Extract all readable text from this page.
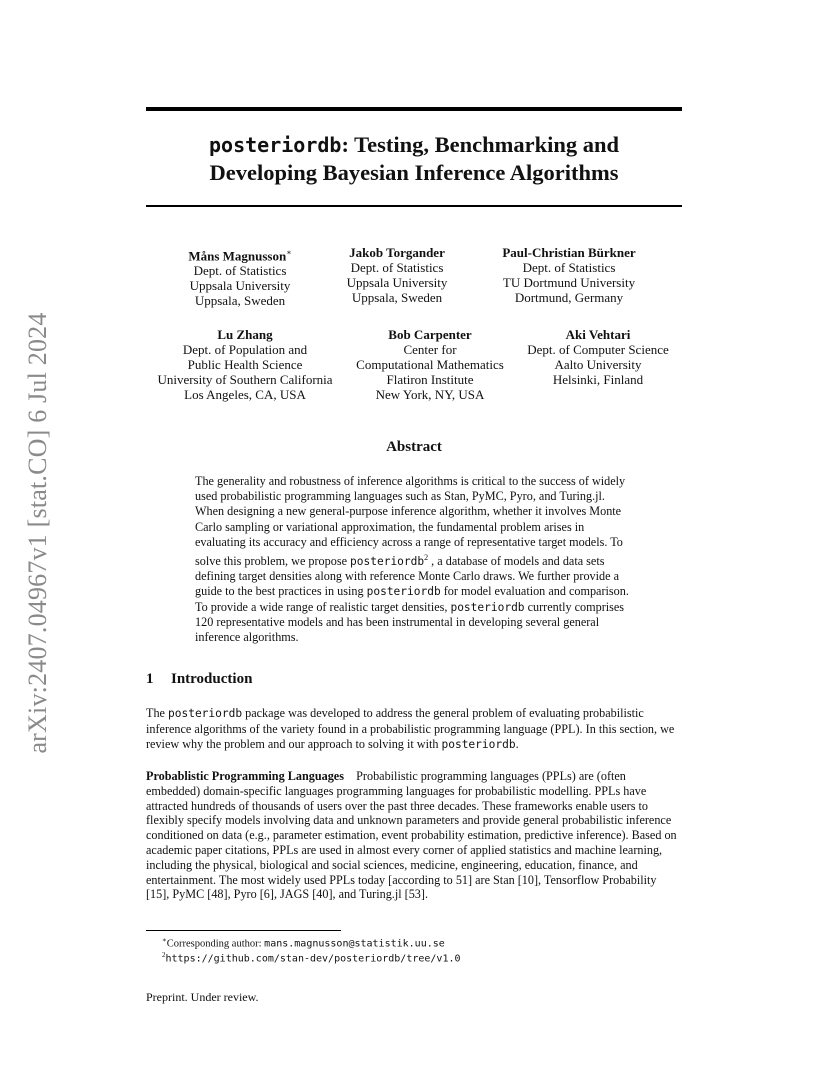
arXiv:2407.04967v1 [stat.CO] 6 Jul 2024
posteriordb: Testing, Benchmarking and
Developing Bayesian Inference Algorithms
Måns Magnusson∗
Dept. of Statistics
Uppsala University
Uppsala, Sweden
Jakob Torgander
Dept. of Statistics
Uppsala University
Uppsala, Sweden
Paul-Christian Bürkner
Dept. of Statistics
TU Dortmund University
Dortmund, Germany
Lu Zhang
Dept. of Population and
Public Health Science
University of Southern California
Los Angeles, CA, USA
Bob Carpenter
Center for
Computational Mathematics
Flatiron Institute
New York, NY, USA
Aki Vehtari
Dept. of Computer Science
Aalto University
Helsinki, Finland
Abstract
The generality and robustness of inference algorithms is critical to the success of widely used probabilistic programming languages such as Stan, PyMC, Pyro, and Turing.jl. When designing a new general-purpose inference algorithm, whether it involves Monte Carlo sampling or variational approximation, the fundamental problem arises in evaluating its accuracy and efficiency across a range of representative target models. To solve this problem, we propose posteriordb$^2$ , a database of models and data sets defining target densities along with reference Monte Carlo draws. We further provide a guide to the best practices in using posteriordb for model evaluation and comparison. To provide a wide range of realistic target densities, posteriordb currently comprises 120 representative models and has been instrumental in developing several general inference algorithms.
1 Introduction
The posteriordb package was developed to address the general problem of evaluating probabilistic inference algorithms of the variety found in a probabilistic programming language (PPL). In this section, we review why the problem and our approach to solving it with posteriordb.
Probablistic Programming Languages Probabilistic programming languages (PPLs) are (often embedded) domain-specific languages programming languages for probabilistic modelling. PPLs have attracted hundreds of thousands of users over the past three decades. These frameworks enable users to flexibly specify models involving data and unknown parameters and provide general probabilistic inference conditioned on data (e.g., parameter estimation, event probability estimation, predictive inference). Based on academic paper citations, PPLs are used in almost every corner of applied statistics and machine learning, including the physical, biological and social sciences, medicine, engineering, education, finance, and entertainment. The most widely used PPLs today [according to 51] are Stan [10], Tensorflow Probability [15], PyMC [48], Pyro [6], JAGS [40], and Turing.jl [53].
∗Corresponding author: mans.magnusson@statistik.uu.se
$^2$https://github.com/stan-dev/posteriordb/tree/v1.0
Preprint. Under review.
